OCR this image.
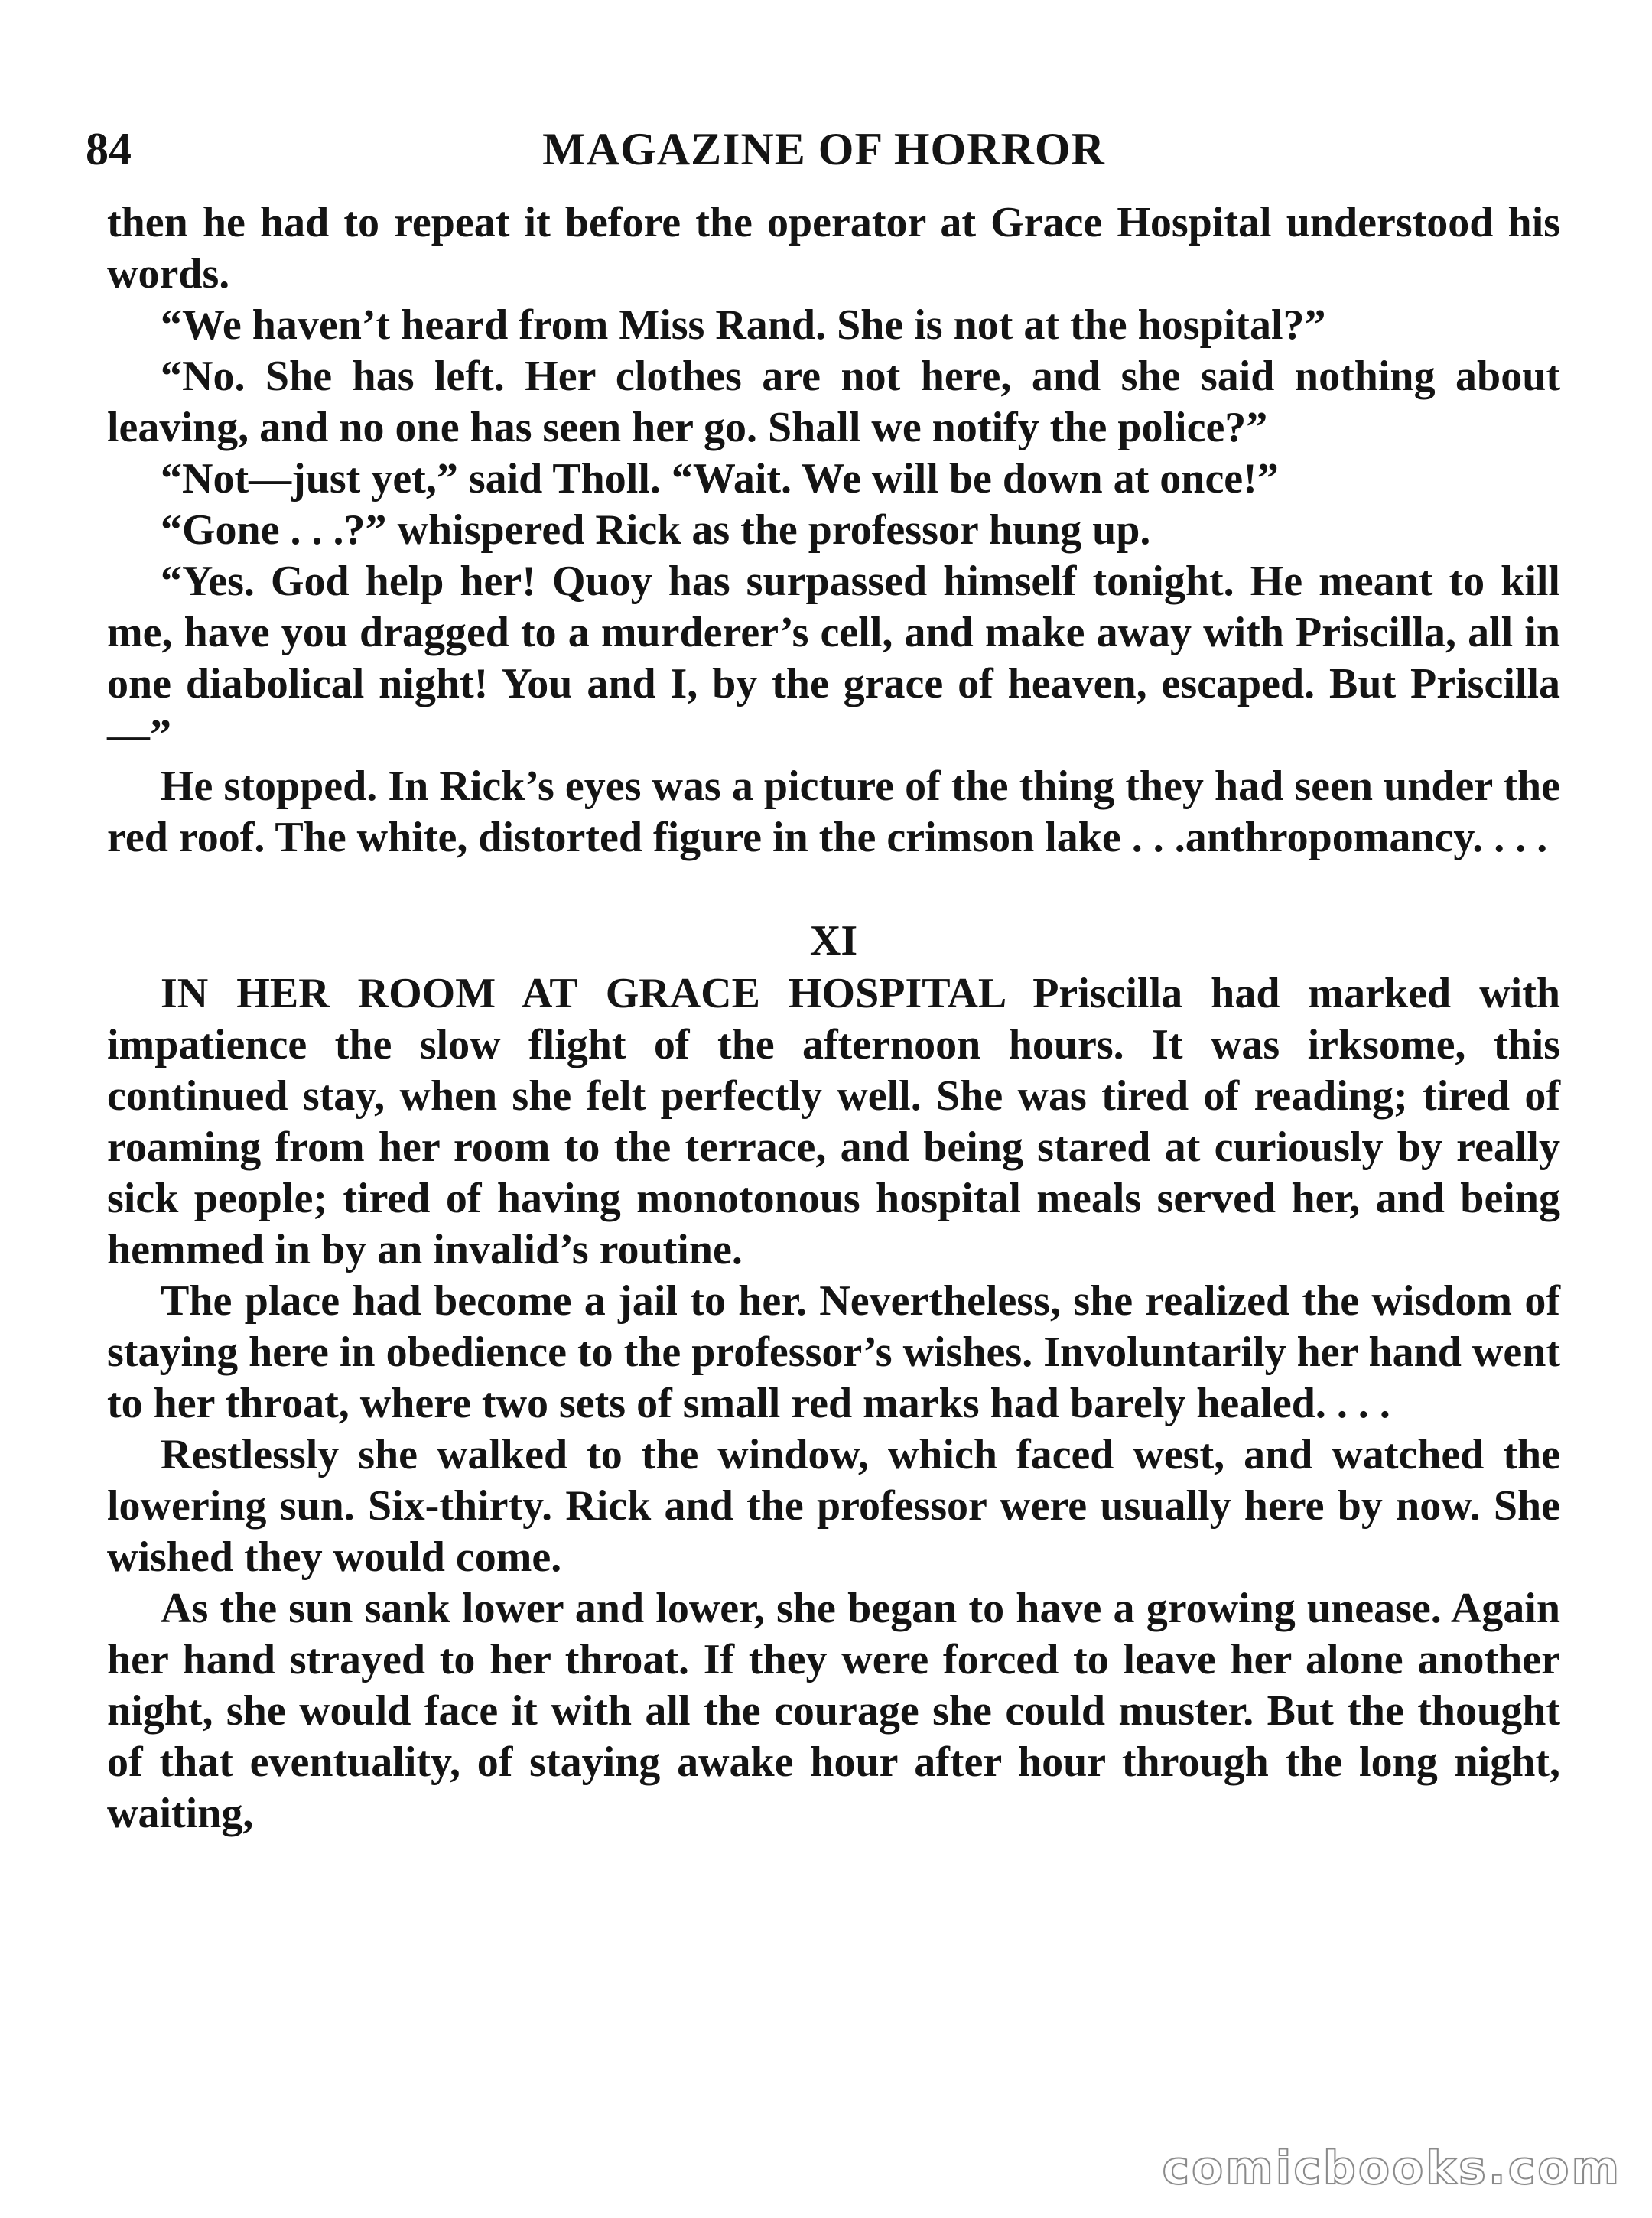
84	MAGAZINE OF HORROR

then he had to repeat it before the operator at Grace Hospital understood his words.

“We haven’t heard from Miss Rand. She is not at the hospital?”

“No. She has left. Her clothes are not here, and she said nothing about leaving, and no one has seen her go. Shall we notify the police?”

“Not—just yet,” said Tholl. “Wait. We will be down at once!”

“Gone . . .?” whispered Rick as the professor hung up.

“Yes. God help her! Quoy has surpassed himself tonight. He meant to kill me, have you dragged to a murderer’s cell, and make away with Priscilla, all in one diabolical night! You and I, by the grace of heaven, escaped. But Priscilla—”

He stopped. In Rick’s eyes was a picture of the thing they had seen under the red roof. The white, distorted figure in the crimson lake . . .anthropomancy. . . .

XI

IN HER ROOM AT GRACE HOSPITAL Priscilla had marked with impatience the slow flight of the afternoon hours. It was irksome, this continued stay, when she felt perfectly well. She was tired of reading; tired of roaming from her room to the terrace, and being stared at curiously by really sick people; tired of having monotonous hospital meals served her, and being hemmed in by an invalid’s routine.

The place had become a jail to her. Nevertheless, she realized the wisdom of staying here in obedience to the professor’s wishes. Involuntarily her hand went to her throat, where two sets of small red marks had barely healed. . . .

Restlessly she walked to the window, which faced west, and watched the lowering sun. Six-thirty. Rick and the professor were usually here by now. She wished they would come.

As the sun sank lower and lower, she began to have a growing unease. Again her hand strayed to her throat. If they were forced to leave her alone another night, she would face it with all the courage she could muster. But the thought of that eventuality, of staying awake hour after hour through the long night, waiting,

comicbooks.com
